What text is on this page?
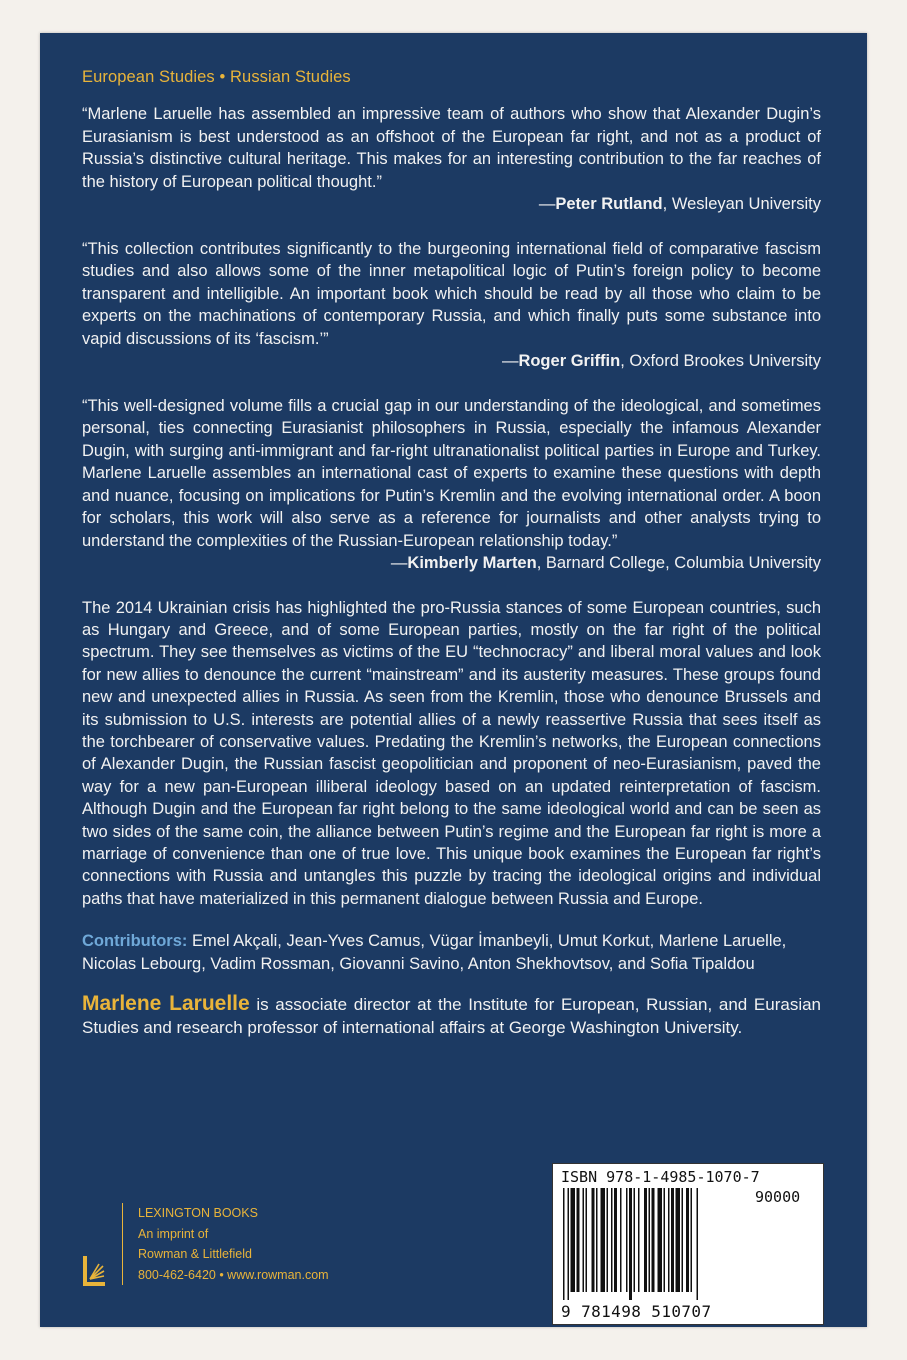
European Studies • Russian Studies

“Marlene Laruelle has assembled an impressive team of authors who show that Alexander Dugin’s Eurasianism is best understood as an offshoot of the European far right, and not as a product of Russia’s distinctive cultural heritage. This makes for an interesting contribution to the far reaches of the history of European political thought.”

—Peter Rutland, Wesleyan University

“This collection contributes significantly to the burgeoning international field of comparative fascism studies and also allows some of the inner metapolitical logic of Putin’s foreign policy to become transparent and intelligible. An important book which should be read by all those who claim to be experts on the machinations of contemporary Russia, and which finally puts some substance into vapid discussions of its ‘fascism.’”

—Roger Griffin, Oxford Brookes University

“This well-designed volume fills a crucial gap in our understanding of the ideological, and sometimes personal, ties connecting Eurasianist philosophers in Russia, especially the infamous Alexander Dugin, with surging anti-immigrant and far-right ultranationalist political parties in Europe and Turkey. Marlene Laruelle assembles an international cast of experts to examine these questions with depth and nuance, focusing on implications for Putin’s Kremlin and the evolving international order. A boon for scholars, this work will also serve as a reference for journalists and other analysts trying to understand the complexities of the Russian-European relationship today.”

—Kimberly Marten, Barnard College, Columbia University

The 2014 Ukrainian crisis has highlighted the pro-Russia stances of some European countries, such as Hungary and Greece, and of some European parties, mostly on the far right of the political spectrum. They see themselves as victims of the EU “technocracy” and liberal moral values and look for new allies to denounce the current “mainstream” and its austerity measures. These groups found new and unexpected allies in Russia. As seen from the Kremlin, those who denounce Brussels and its submission to U.S. interests are potential allies of a newly reassertive Russia that sees itself as the torchbearer of conservative values. Predating the Kremlin’s networks, the European connections of Alexander Dugin, the Russian fascist geopolitician and proponent of neo-Eurasianism, paved the way for a new pan-European illiberal ideology based on an updated reinterpretation of fascism. Although Dugin and the European far right belong to the same ideological world and can be seen as two sides of the same coin, the alliance between Putin’s regime and the European far right is more a marriage of convenience than one of true love. This unique book examines the European far right’s connections with Russia and untangles this puzzle by tracing the ideological origins and individual paths that have materialized in this permanent dialogue between Russia and Europe.

Contributors: Emel Akçali, Jean-Yves Camus, Vügar İmanbeyli, Umut Korkut, Marlene Laruelle, Nicolas Lebourg, Vadim Rossman, Giovanni Savino, Anton Shekhovtsov, and Sofia Tipaldou

Marlene Laruelle is associate director at the Institute for European, Russian, and Eurasian Studies and research professor of international affairs at George Washington University.

LEXINGTON BOOKS
An imprint of
Rowman & Littlefield
800-462-6420 • www.rowman.com
ISBN 978-1-4985-1070-7
90000
9 781498 510707
